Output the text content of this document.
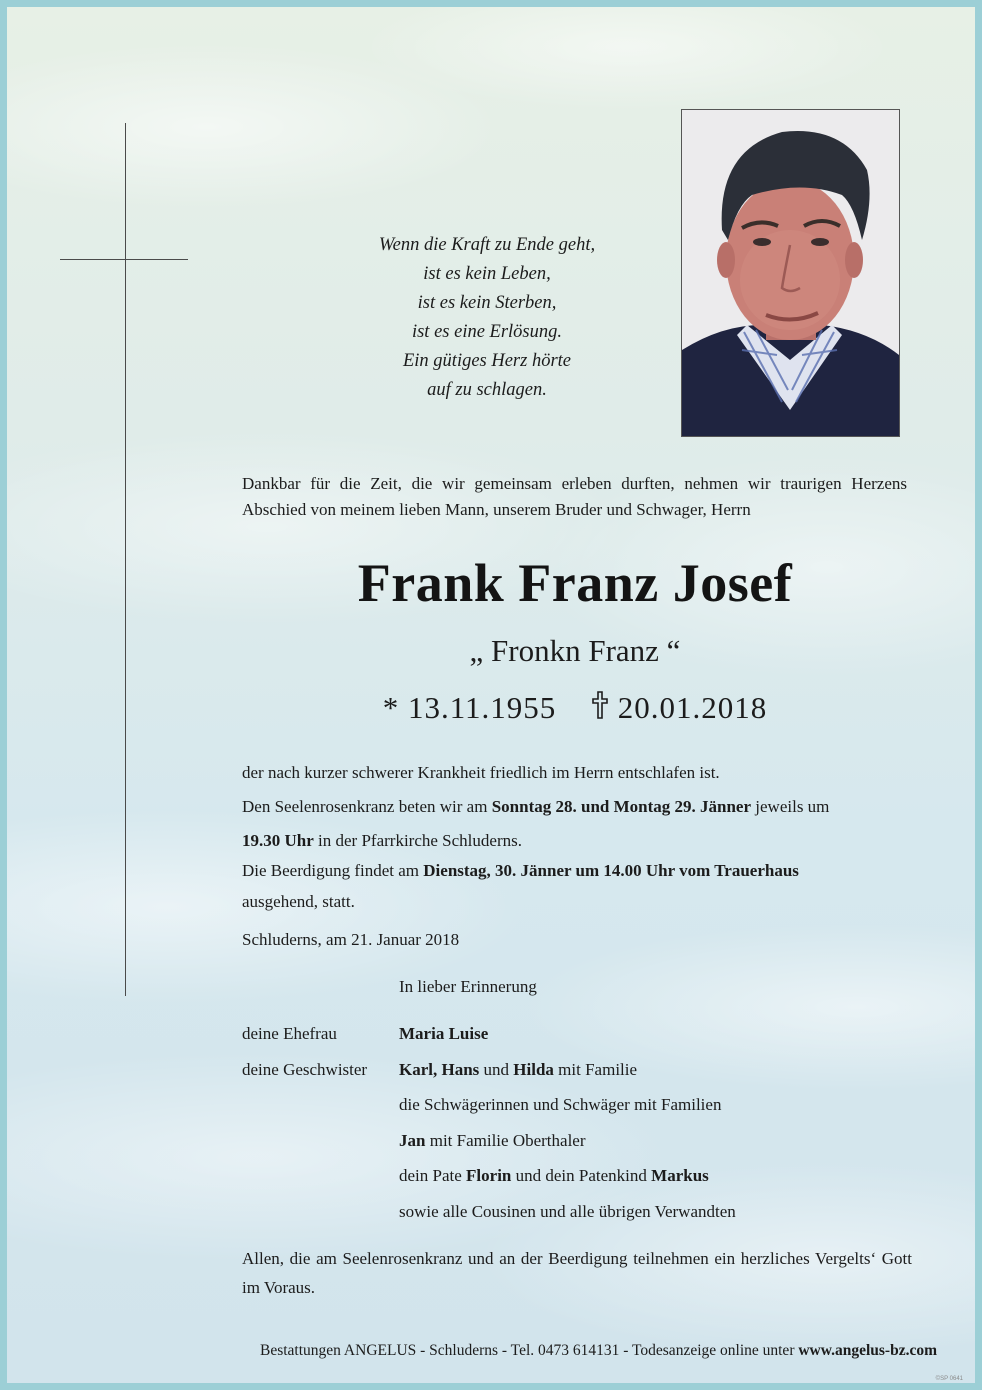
Wenn die Kraft zu Ende geht,
ist es kein Leben,
ist es kein Sterben,
ist es eine Erlösung.
Ein gütiges Herz hörte
auf zu schlagen.
Dankbar für die Zeit, die wir gemeinsam erleben durften, nehmen wir traurigen Herzens Abschied von meinem lieben Mann, unserem Bruder und Schwager, Herrn
Frank Franz Josef
„ Fronkn Franz “
* 13.11.1955 20.01.2018
der nach kurzer schwerer Krankheit friedlich im Herrn entschlafen ist.
Den Seelenrosenkranz beten wir am Sonntag 28. und Montag 29. Jänner jeweils um
19.30 Uhr in der Pfarrkirche Schluderns.
Die Beerdigung findet am Dienstag, 30. Jänner um 14.00 Uhr vom Trauerhaus
ausgehend, statt.
Schluderns, am 21. Januar 2018
In lieber Erinnerung
deine Ehefrau	Maria Luise
deine Geschwister Karl, Hans und Hilda mit Familie
die Schwägerinnen und Schwäger mit Familien
Jan mit Familie Oberthaler
dein Pate Florin und dein Patenkind Markus
sowie alle Cousinen und alle übrigen Verwandten
Allen, die am Seelenrosenkranz und an der Beerdigung teilnehmen ein herzliches Vergelts‘ Gott im Voraus.
Bestattungen ANGELUS - Schluderns - Tel. 0473 614131 - Todesanzeige online unter www.angelus-bz.com
©SP 0641
